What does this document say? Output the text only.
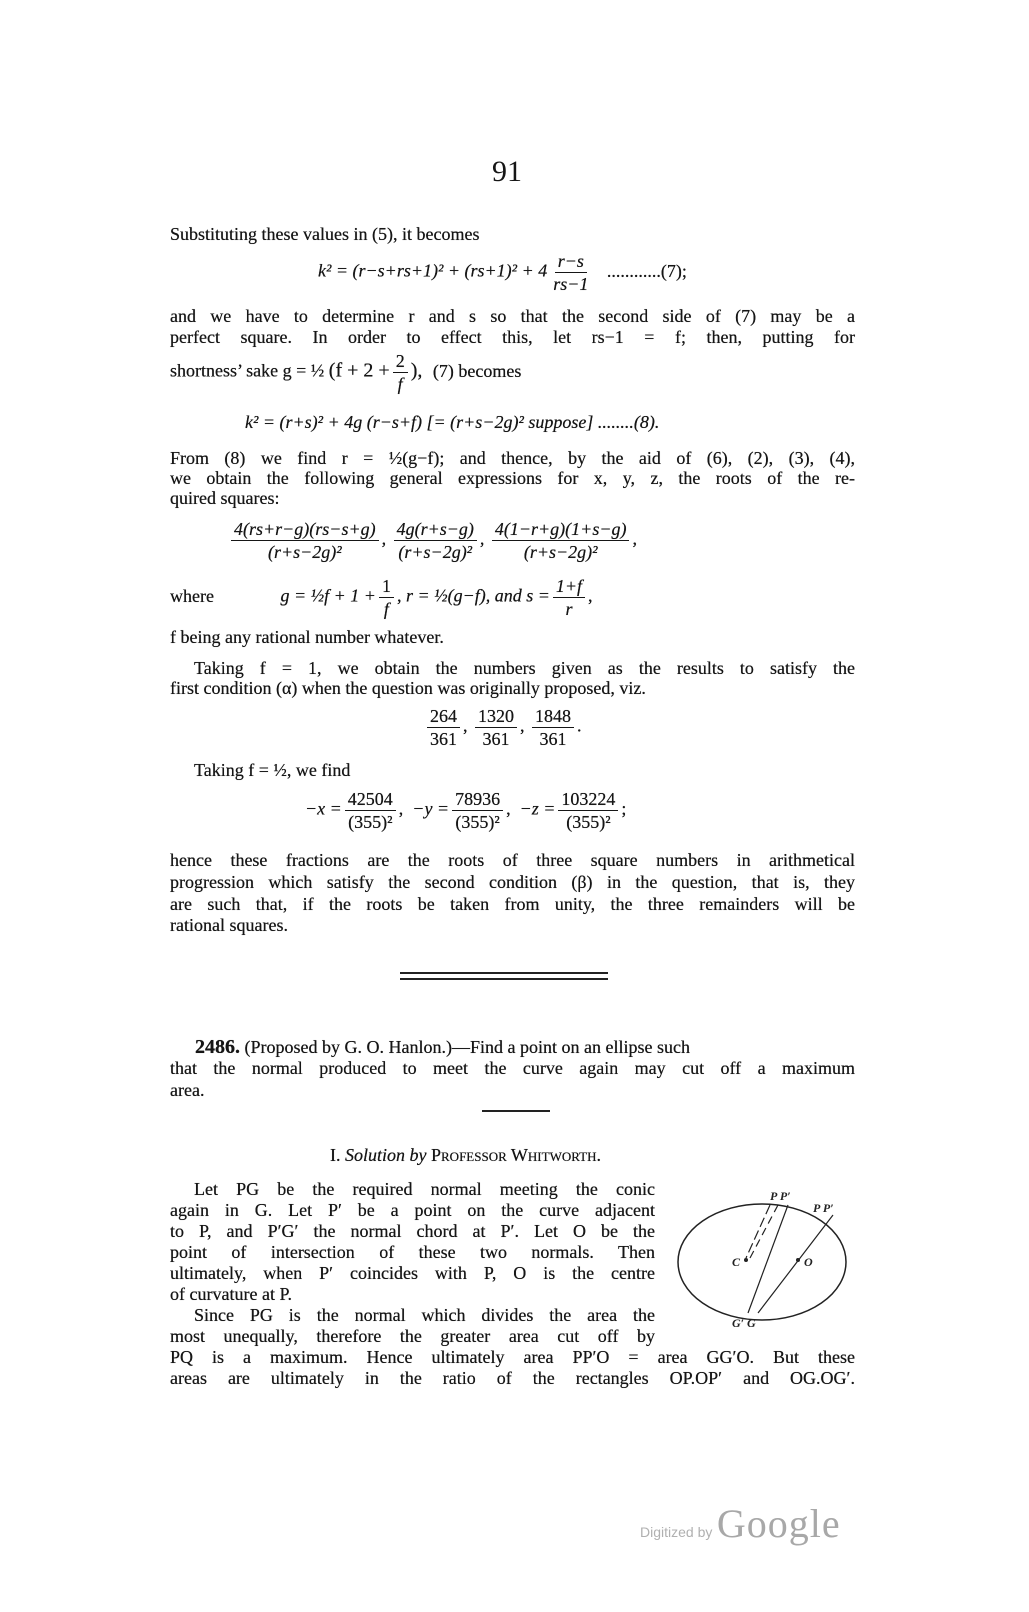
91
Substituting these values in (5), it becomes
$k^2 = (r-s+rs+1)^2 + (rs+1)^2 + 4 \frac{r-s}{rs-1} ............(7)$;
and we have to determine r and s so that the second side of (7) may be a
perfect square. In order to effect this, let rs−1 = f; then, putting for
shortness’ sake g = ½ ($f + 2 + \frac{2}{f}$ ), (7) becomes
k² = (r+s)² + 4g (r−s+f) [= (r+s−2g)² suppose] ........(8).
From (8) we find r = ½(g−f); and thence, by the aid of (6), (2), (3), (4),
we obtain the following general expressions for x, y, z, the roots of the re-
quired squares:
$\frac{4(rs+r-g)(rs-s+g)}{\text{(r+s−2g)²}}$ , $\frac{4g(r+s-g)}{\text{(r+s−2g)²}}$ , $\frac{4(1-r+g)(1+s-g)}{\text{(r+s−2g)²}}$ ,
where	g = ½f + $1 + \frac{1}{f}$ , r = ½(g−f), and $s = \frac{1+f}{r}$ ,
f being any rational number whatever.
Taking f = 1, we obtain the numbers given as the results to satisfy the
first condition (α) when the question was originally proposed, viz.
$\frac{264}{361}$ , $\frac{1320}{361}$ , $\frac{1848}{361}$ .
Taking f = ½, we find
$-x = \frac{42504}{\text{(355)²}}$ ,  $-y = \frac{78936}{\text{(355)²}}$ ,  $-z = \frac{103224}{\text{(355)²}}$ ;
hence these fractions are the roots of three square numbers in arithmetical
progression which satisfy the second condition (β) in the question, that is, they
are such that, if the roots be taken from unity, the three remainders will be
rational squares.
2486. (Proposed by G. O. Hanlon.)—Find a point on an ellipse such
that the normal produced to meet the curve again may cut off a maximum
area.
I. Solution by Professor Whitworth.
Let PG be the required normal meeting the conic
again in G. Let P′ be a point on the curve adjacent
to P, and P′G′ the normal chord at P′. Let O be the
point of intersection of these two normals. Then
ultimately, when P′ coincides with P, O is the centre
of curvature at P.
Since PG is the normal which divides the area the
most unequally, therefore the greater area cut off by
PQ is a maximum. Hence ultimately area PP′O = area GG′O. But these
areas are ultimately in the ratio of the rectangles OP.OP′ and OG.OG′.
P P′
P P′
C	O
G′ G
Digitized by Google
